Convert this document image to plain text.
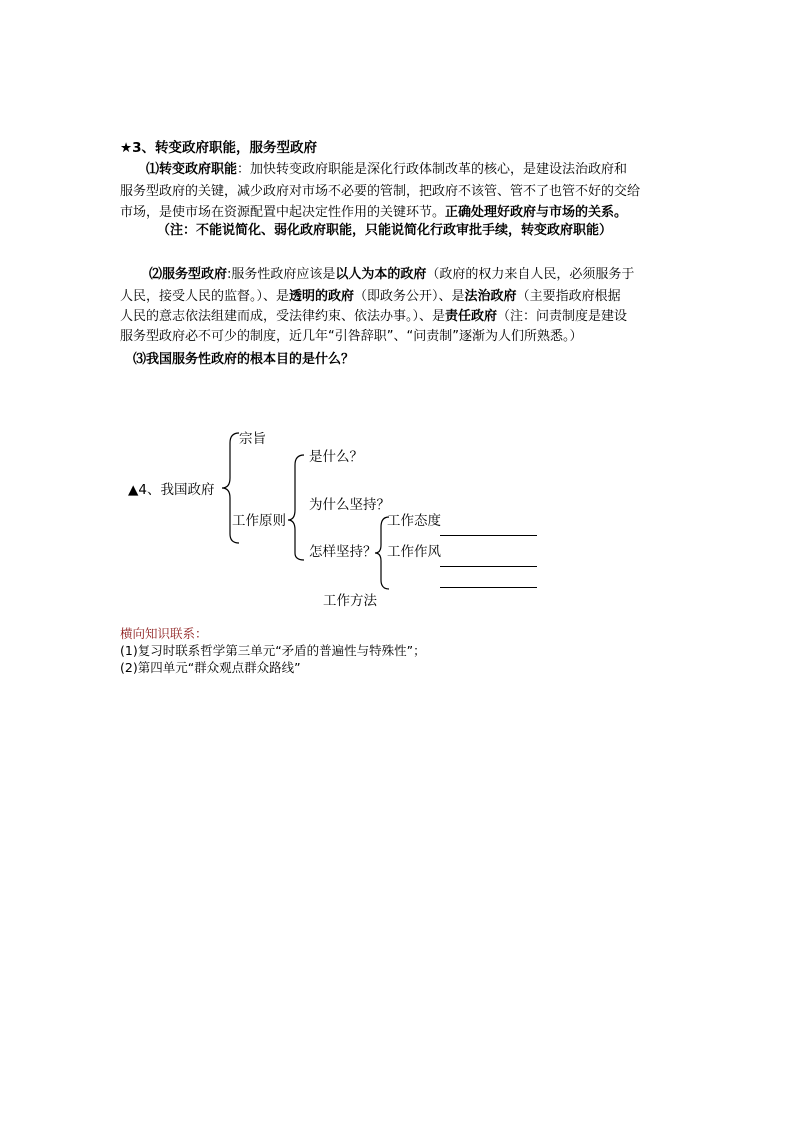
★3、转变政府职能，服务型政府
⑴转变政府职能：加快转变政府职能是深化行政体制改革的核心，是建设法治政府和
服务型政府的关键，减少政府对市场不必要的管制，把政府不该管、管不了也管不好的交给
市场，是使市场在资源配置中起决定性作用的关键环节。正确处理好政府与市场的关系。
（注：不能说简化、弱化政府职能，只能说简化行政审批手续，转变政府职能）
⑵服务型政府:服务性政府应该是以人为本的政府（政府的权力来自人民，必须服务于
人民，接受人民的监督。）、是透明的政府（即政务公开）、是法治政府（主要指政府根据
人民的意志依法组建而成，受法律约束、依法办事。）、是责任政府（注：问责制度是建设
服务型政府必不可少的制度，近几年“引咎辞职”、“问责制”逐渐为人们所熟悉。）
⑶我国服务性政府的根本目的是什么？
▲4、我国政府
宗旨
工作原则
是什么？
为什么坚持？
怎样坚持？
工作态度
工作作风
工作方法
横向知识联系：
(1)复习时联系哲学第三单元“矛盾的普遍性与特殊性”；
(2)第四单元“群众观点群众路线”
